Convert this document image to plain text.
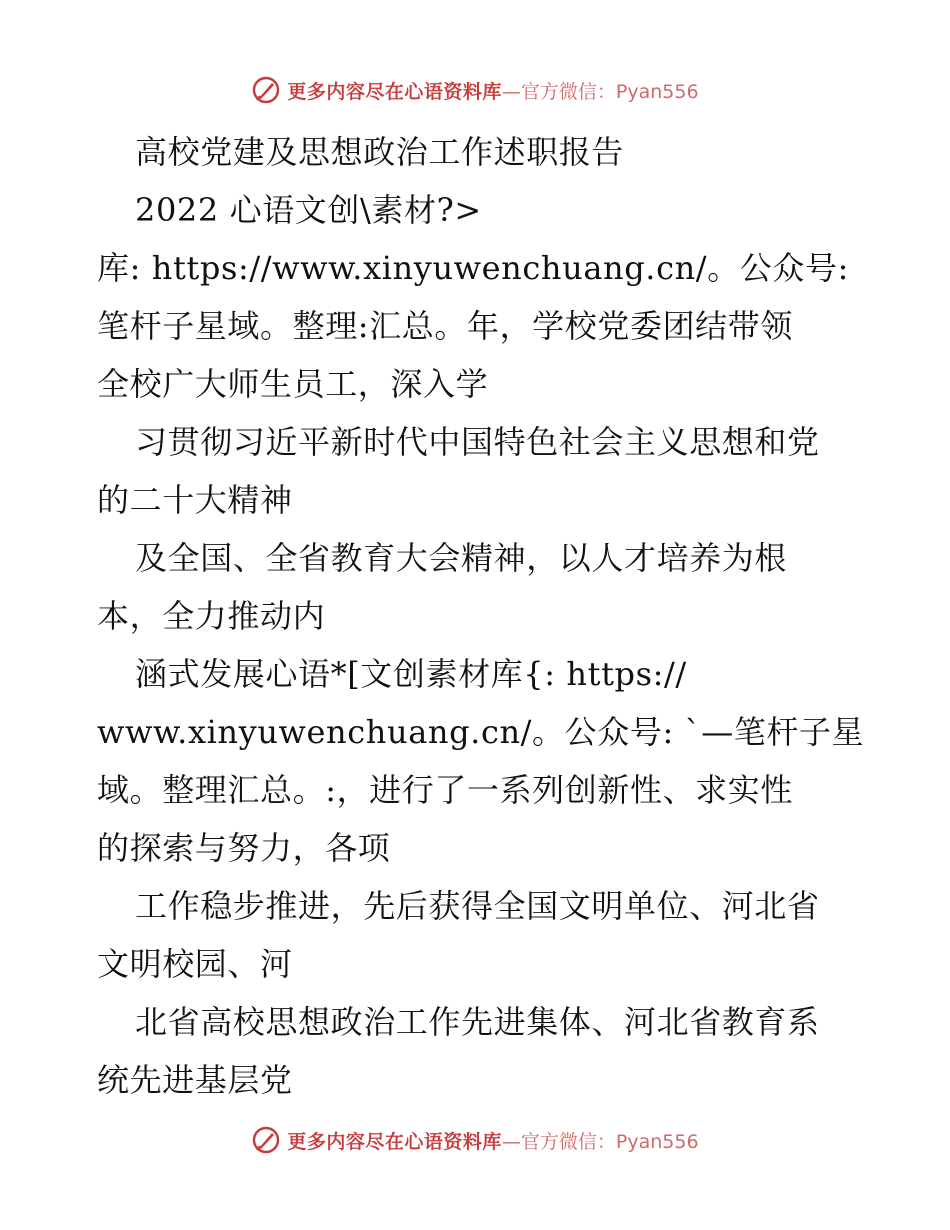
更多内容尽在心语资料库 —官方微信：Pyan556
高校党建及思想政治工作述职报告
2022 心语文创\素材?>
库: https://www.xinyuwenchuang.cn/。公众号:
笔杆子星域。整理:汇总。年，学校党委团结带领
全校广大师生员工，深入学
习贯彻习近平新时代中国特色社会主义思想和党
的二十大精神
及全国、全省教育大会精神，以人才培养为根
本，全力推动内
涵式发展心语*[文创素材库{: https://
www.xinyuwenchuang.cn/。公众号: `—笔杆子星
域。整理汇总。:，进行了一系列创新性、求实性
的探索与努力，各项
工作稳步推进，先后获得全国文明单位、河北省
文明校园、河
北省高校思想政治工作先进集体、河北省教育系
统先进基层党
更多内容尽在心语资料库 —官方微信：Pyan556
